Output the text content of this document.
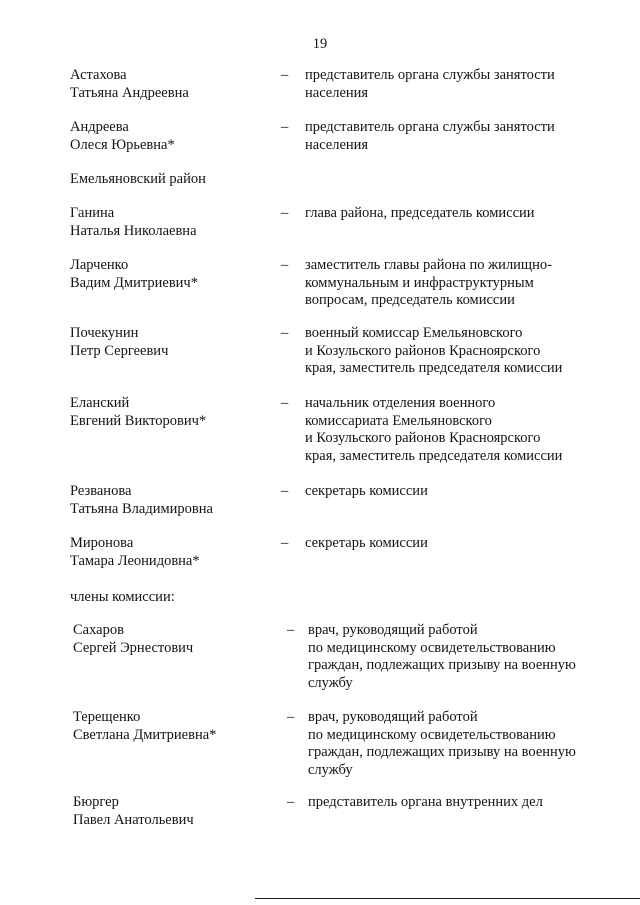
19
Астахова
Татьяна Андреевна
– представитель органа службы занятости
населения
Андреева
Олеся Юрьевна*
– представитель органа службы занятости
населения
Емельяновский район
Ганина
Наталья Николаевна
– глава района, председатель комиссии
Ларченко
Вадим Дмитриевич*
– заместитель главы района по жилищно-
коммунальным и инфраструктурным
вопросам, председатель комиссии
Почекунин
Петр Сергеевич
– военный комиссар Емельяновского
и Козульского районов Красноярского
края, заместитель председателя комиссии
Еланский
Евгений Викторович*
– начальник отделения военного
комиссариата Емельяновского
и Козульского районов Красноярского
края, заместитель председателя комиссии
Резванова
Татьяна Владимировна
– секретарь комиссии
Миронова
Тамара Леонидовна*
– секретарь комиссии
члены комиссии:
Сахаров
Сергей Эрнестович
– врач, руководящий работой
по медицинскому освидетельствованию
граждан, подлежащих призыву на военную
службу
Терещенко
Светлана Дмитриевна*
– врач, руководящий работой
по медицинскому освидетельствованию
граждан, подлежащих призыву на военную
службу
Бюргер
Павел Анатольевич
– представитель органа внутренних дел
